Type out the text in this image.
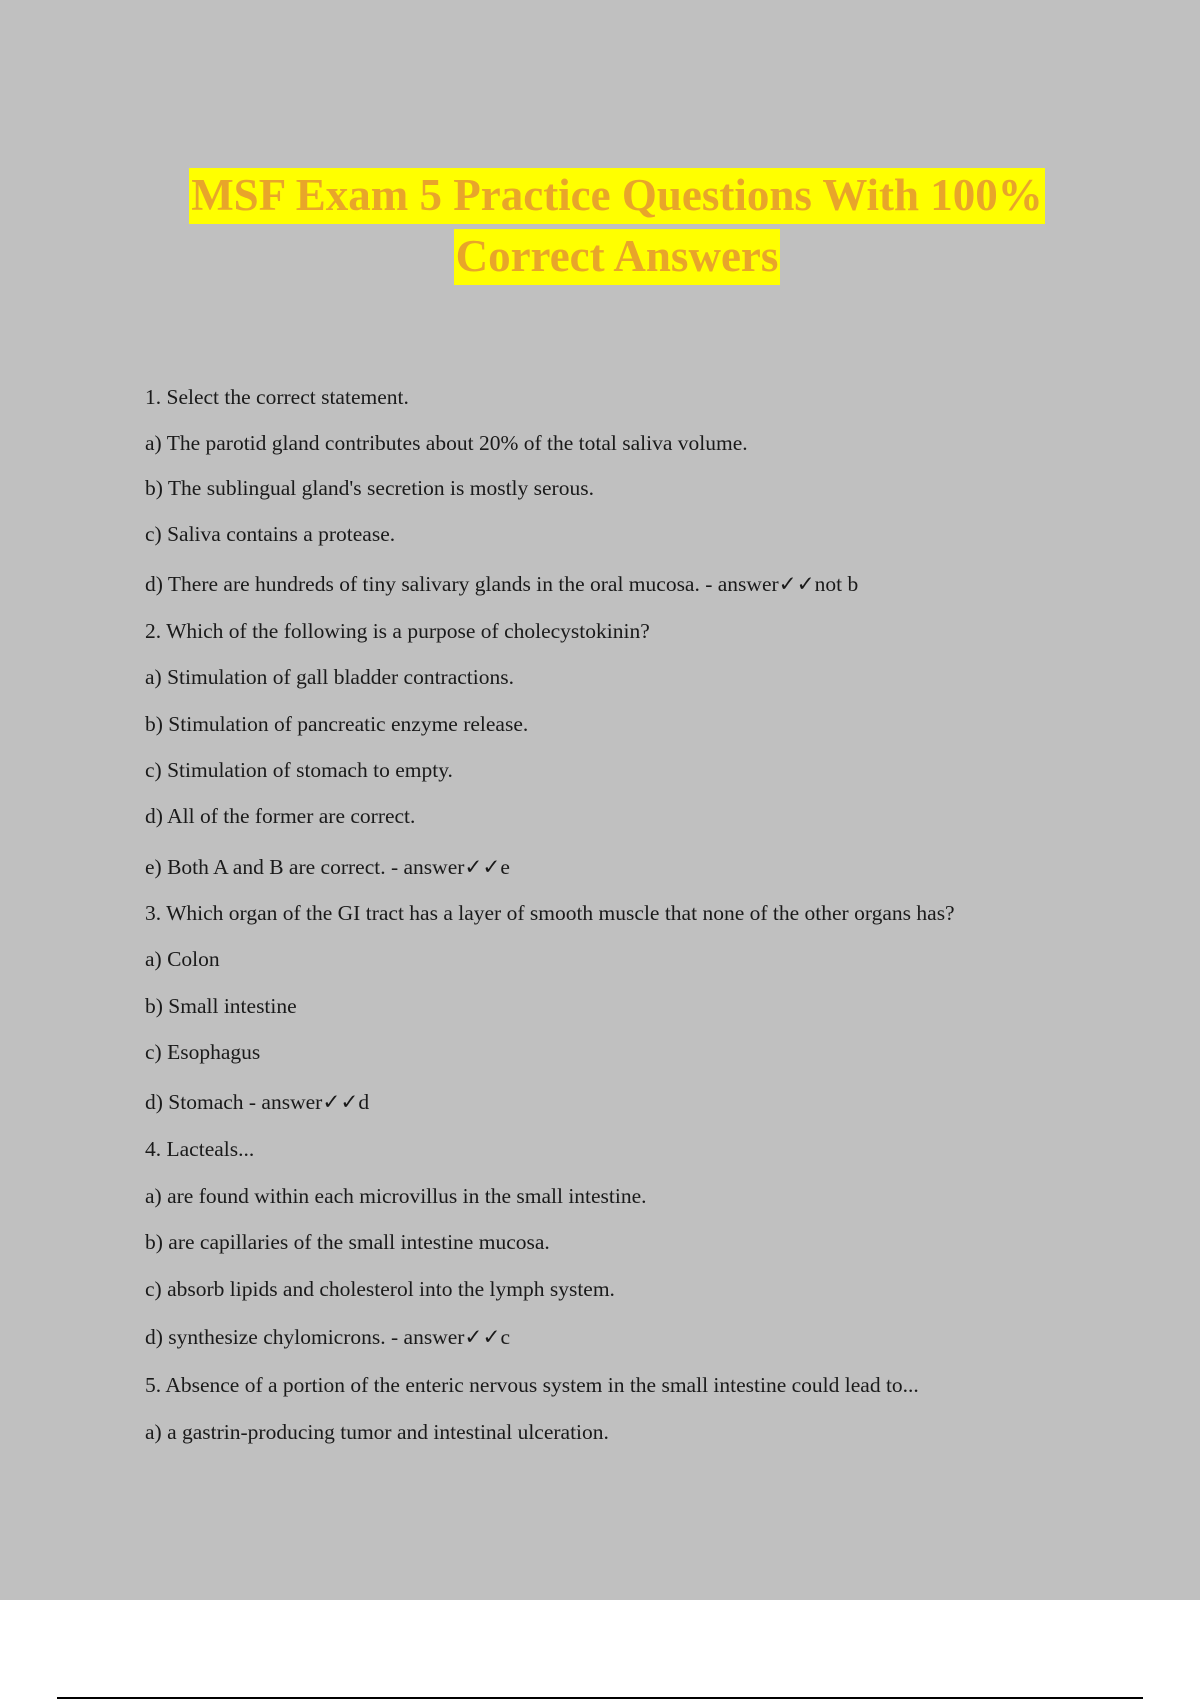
MSF Exam 5 Practice Questions With 100%
Correct Answers
1. Select the correct statement.
a) The parotid gland contributes about 20% of the total saliva volume.
b) The sublingual gland's secretion is mostly serous.
c) Saliva contains a protease.
d) There are hundreds of tiny salivary glands in the oral mucosa. - answer✓✓not b
2. Which of the following is a purpose of cholecystokinin?
a) Stimulation of gall bladder contractions.
b) Stimulation of pancreatic enzyme release.
c) Stimulation of stomach to empty.
d) All of the former are correct.
e) Both A and B are correct. - answer✓✓e
3. Which organ of the GI tract has a layer of smooth muscle that none of the other organs has?
a) Colon
b) Small intestine
c) Esophagus
d) Stomach - answer✓✓d
4. Lacteals...
a) are found within each microvillus in the small intestine.
b) are capillaries of the small intestine mucosa.
c) absorb lipids and cholesterol into the lymph system.
d) synthesize chylomicrons. - answer✓✓c
5. Absence of a portion of the enteric nervous system in the small intestine could lead to...
a) a gastrin-producing tumor and intestinal ulceration.
